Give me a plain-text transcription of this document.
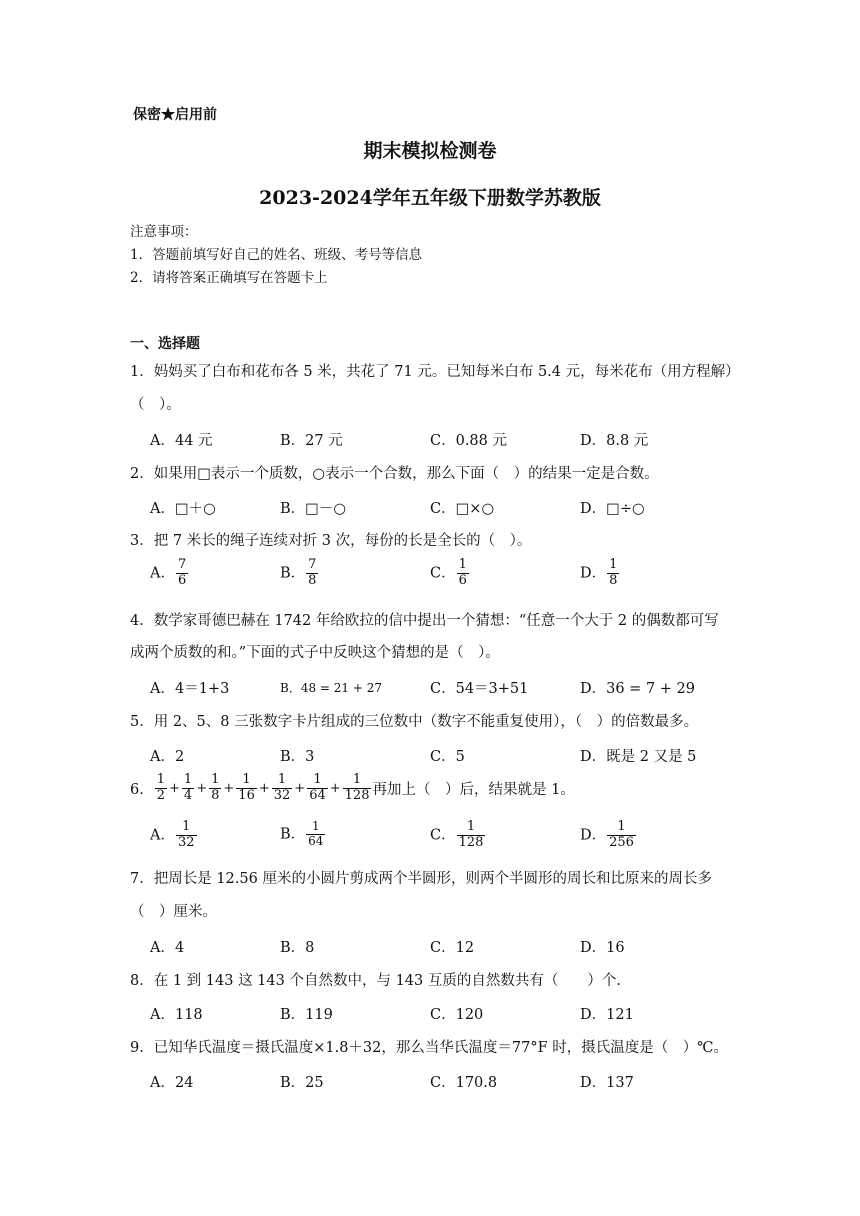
保密★启用前
期末模拟检测卷
2023-2024学年五年级下册数学苏教版
注意事项：
1．答题前填写好自己的姓名、班级、考号等信息
2．请将答案正确填写在答题卡上
一、选择题
1．妈妈买了白布和花布各 5 米，共花了 71 元。已知每米白布 5.4 元，每米花布（用方程解）
（　）。
A．44 元	B．27 元	C．0.88 元	D．8.8 元
2．如果用□表示一个质数，○表示一个合数，那么下面（　）的结果一定是合数。
A．□＋○	B．□－○	C．□×○	D．□÷○
3．把 7 米长的绳子连续对折 3 次，每份的长是全长的（　）。
A． $\frac{7}{6}$	B． $\frac{7}{8}$	C． $\frac{1}{6}$	D． $\frac{1}{8}$
4．数学家哥德巴赫在 1742 年给欧拉的信中提出一个猜想：“任意一个大于 2 的偶数都可写
成两个质数的和。”下面的式子中反映这个猜想的是（　）。
A．4＝1+3	B．48 = 21 + 27	C．54＝3+51	D．36 = 7 + 29
5．用 2、5、8 三张数字卡片组成的三位数中（数字不能重复使用），（　）的倍数最多。
A．2	B．3	C．5	D．既是 2 又是 5
6． $\frac{1}{2} + \frac{1}{4} + \frac{1}{8} + \frac{1}{16} + \frac{1}{32} + \frac{1}{64} + \frac{1}{128}$ 再加上（　）后，结果就是 1。
A． $\frac{1}{32}$	B． $\frac{1}{64}$	C． $\frac{1}{128}$	D． $\frac{1}{256}$
7．把周长是 12.56 厘米的小圆片剪成两个半圆形，则两个半圆形的周长和比原来的周长多
（　）厘米。
A．4	B．8	C．12	D．16
8．在 1 到 143 这 143 个自然数中，与 143 互质的自然数共有（　　）个.
A．118	B．119	C．120	D．121
9．已知华氏温度＝摄氏温度×1.8＋32，那么当华氏温度＝77°F 时，摄氏温度是（　）℃。
A．24	B．25	C．170.8	D．137
